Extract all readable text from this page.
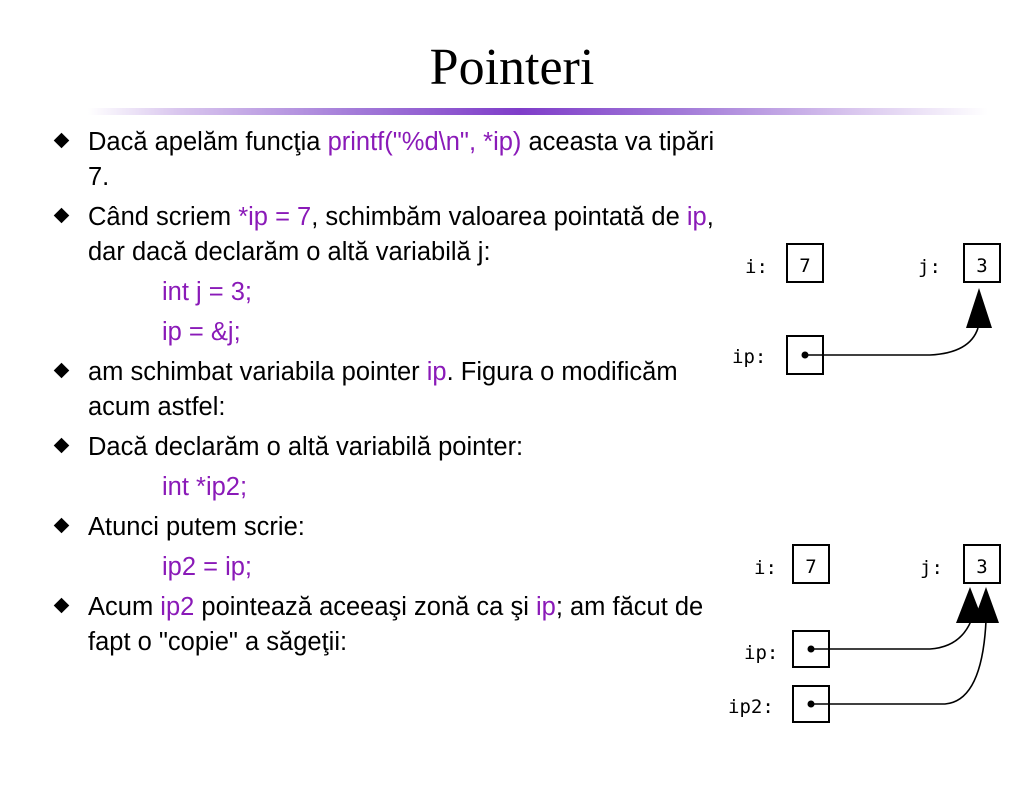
Pointeri
Dacă apelăm funcţia printf("%d\n", *ip) aceasta va tipări 7.
Când scriem *ip = 7, schimbăm valoarea pointată de ip, dar dacă declarăm o altă variabilă j:
int j = 3;
ip = &j;
am schimbat variabila pointer ip. Figura o modificăm acum astfel:
Dacă declarăm o altă variabilă pointer:
int *ip2;
Atunci putem scrie:
ip2 = ip;
Acum ip2 pointează aceeaşi zonă ca şi ip; am făcut de fapt o "copie" a săgeţii:
i: 7	j: 3
ip:
i: 7	j: 3
ip:
ip2:
